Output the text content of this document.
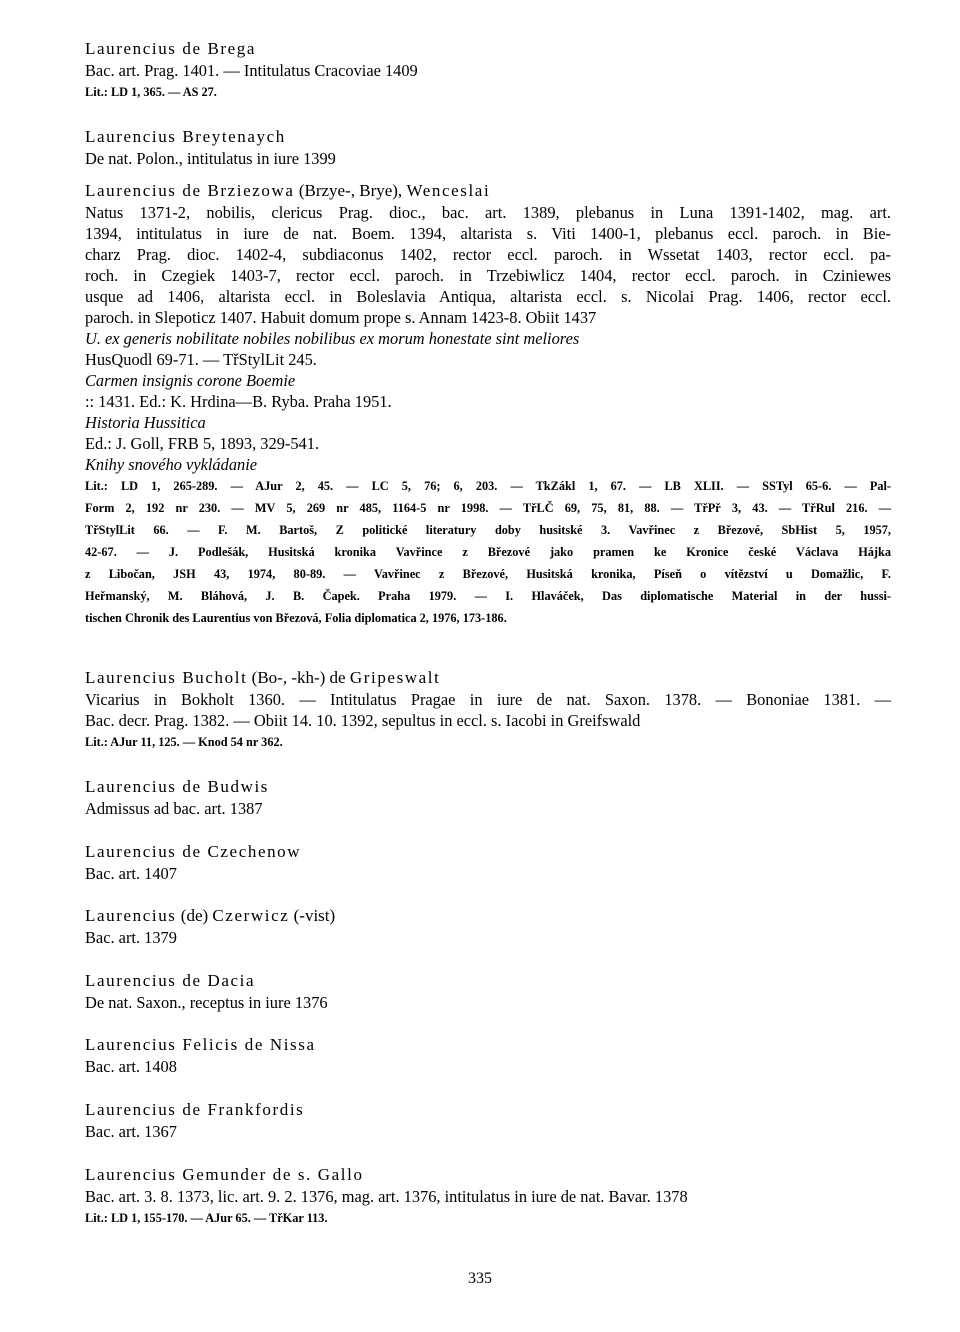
Laurencius de Brega
Bac. art. Prag. 1401. — Intitulatus Cracoviae 1409
Lit.: LD 1, 365. — AS 27.
Laurencius Breytenaych
De nat. Polon., intitulatus in iure 1399
Laurencius de Brziezowa (Brzye-, Brye), Wenceslai
Natus 1371-2, nobilis, clericus Prag. dioc., bac. art. 1389, plebanus in Luna 1391-1402, mag. art.
1394, intitulatus in iure de nat. Boem. 1394, altarista s. Viti 1400-1, plebanus eccl. paroch. in Bie-
charz Prag. dioc. 1402-4, subdiaconus 1402, rector eccl. paroch. in Wssetat 1403, rector eccl. pa-
roch. in Czegiek 1403-7, rector eccl. paroch. in Trzebiwlicz 1404, rector eccl. paroch. in Cziniewes
usque ad 1406, altarista eccl. in Boleslavia Antiqua, altarista eccl. s. Nicolai Prag. 1406, rector eccl.
paroch. in Slepoticz 1407. Habuit domum prope s. Annam 1423-8. Obiit 1437
U. ex generis nobilitate nobiles nobilibus ex morum honestate sint meliores
HusQuodl 69-71. — TřStylLit 245.
Carmen insignis corone Boemie
:: 1431. Ed.: K. Hrdina—B. Ryba. Praha 1951.
Historia Hussitica
Ed.: J. Goll, FRB 5, 1893, 329-541.
Knihy snového vykládanie
Lit.: LD 1, 265-289. — AJur 2, 45. — LC 5, 76; 6, 203. — TkZákl 1, 67. — LB XLII. — SSTyl 65-6. — Pal-
Form 2, 192 nr 230. — MV 5, 269 nr 485, 1164-5 nr 1998. — TřLČ 69, 75, 81, 88. — TřPř 3, 43. — TřRul 216. —
TřStylLit 66. — F. M. Bartoš, Z politické literatury doby husitské 3. Vavřinec z Březové, SbHist 5, 1957,
42-67. — J. Podlešák, Husitská kronika Vavřince z Březové jako pramen ke Kronice české Václava Hájka
z Libočan, JSH 43, 1974, 80-89. — Vavřinec z Březové, Husitská kronika, Píseň o vítězství u Domažlic, F.
Heřmanský, M. Bláhová, J. B. Čapek. Praha 1979. — I. Hlaváček, Das diplomatische Material in der hussi-
tischen Chronik des Laurentius von Březová, Folia diplomatica 2, 1976, 173-186.
Laurencius Bucholt (Bo-, -kh-) de Gripeswalt
Vicarius in Bokholt 1360. — Intitulatus Pragae in iure de nat. Saxon. 1378. — Bononiae 1381. —
Bac. decr. Prag. 1382. — Obiit 14. 10. 1392, sepultus in eccl. s. Iacobi in Greifswald
Lit.: AJur 11, 125. — Knod 54 nr 362.
Laurencius de Budwis
Admissus ad bac. art. 1387
Laurencius de Czechenow
Bac. art. 1407
Laurencius (de) Czerwicz (-vist)
Bac. art. 1379
Laurencius de Dacia
De nat. Saxon., receptus in iure 1376
Laurencius Felicis de Nissa
Bac. art. 1408
Laurencius de Frankfordis
Bac. art. 1367
Laurencius Gemunder de s. Gallo
Bac. art. 3. 8. 1373, lic. art. 9. 2. 1376, mag. art. 1376, intitulatus in iure de nat. Bavar. 1378
Lit.: LD 1, 155-170. — AJur 65. — TřKar 113.
335
